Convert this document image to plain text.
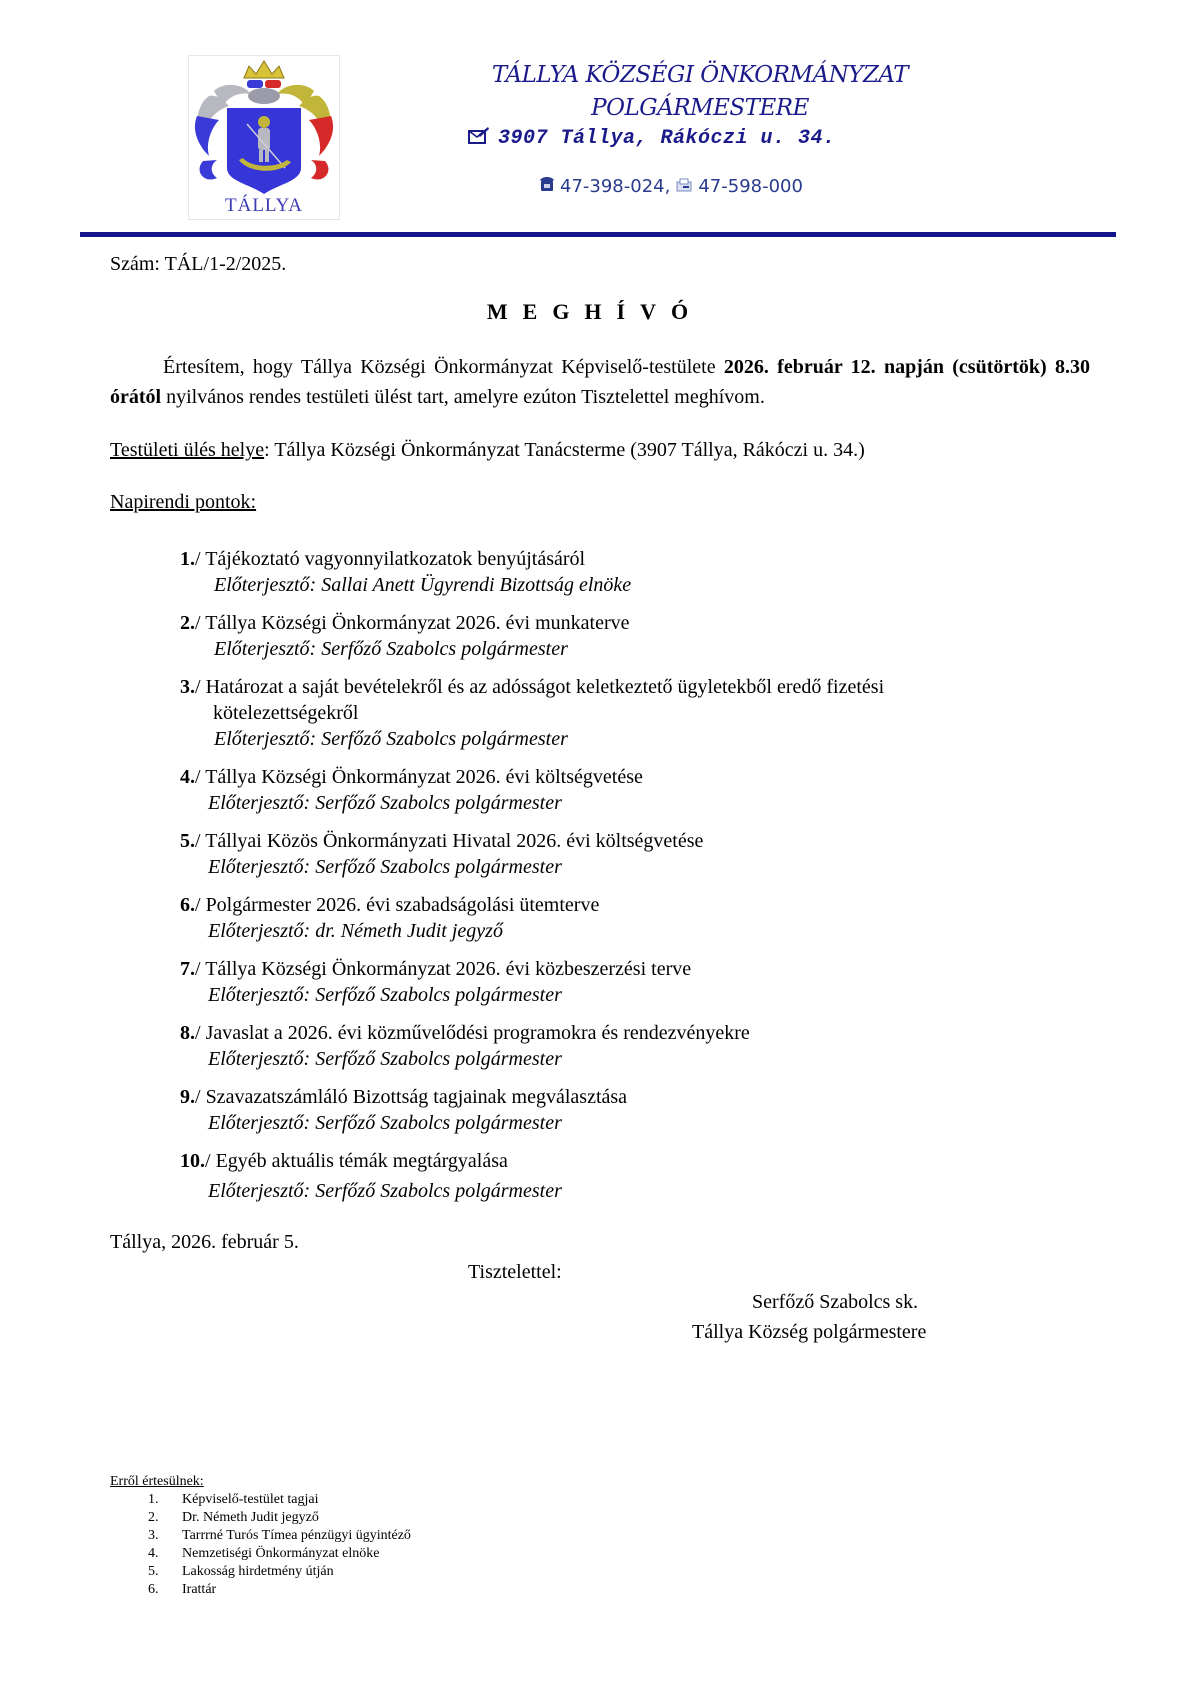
TÁLLYA
TÁLLYA KÖZSÉGI ÖNKORMÁNYZAT
POLGÁRMESTERE
3907 Tállya, Rákóczi u. 34.
47-398-024, 47-598-000
Szám: TÁL/1-2/2025.
MEGHÍVÓ
Értesítem, hogy Tállya Községi Önkormányzat Képviselő-testülete 2026. február 12. napján (csütörtök) 8.30 órától nyilvános rendes testületi ülést tart, amelyre ezúton Tisztelettel meghívom.
Testületi ülés helye: Tállya Községi Önkormányzat Tanácsterme (3907 Tállya, Rákóczi u. 34.)
Napirendi pontok:
1./ Tájékoztató vagyonnyilatkozatok benyújtásáról
Előterjesztő: Sallai Anett Ügyrendi Bizottság elnöke
2./ Tállya Községi Önkormányzat 2026. évi munkaterve
Előterjesztő: Serfőző Szabolcs polgármester
3./ Határozat a saját bevételekről és az adósságot keletkeztető ügyletekből eredő fizetési
kötelezettségekről
Előterjesztő: Serfőző Szabolcs polgármester
4./ Tállya Községi Önkormányzat 2026. évi költségvetése
Előterjesztő: Serfőző Szabolcs polgármester
5./ Tállyai Közös Önkormányzati Hivatal 2026. évi költségvetése
Előterjesztő: Serfőző Szabolcs polgármester
6./ Polgármester 2026. évi szabadságolási ütemterve
Előterjesztő: dr. Németh Judit jegyző
7./ Tállya Községi Önkormányzat 2026. évi közbeszerzési terve
Előterjesztő: Serfőző Szabolcs polgármester
8./ Javaslat a 2026. évi közművelődési programokra és rendezvényekre
Előterjesztő: Serfőző Szabolcs polgármester
9./ Szavazatszámláló Bizottság tagjainak megválasztása
Előterjesztő: Serfőző Szabolcs polgármester
10./ Egyéb aktuális témák megtárgyalása
Előterjesztő: Serfőző Szabolcs polgármester
Tállya, 2026. február 5.
Tisztelettel:
Serfőző Szabolcs sk.
Tállya Község polgármestere
Erről értesülnek:
1.	Képviselő-testület tagjai
2.	Dr. Németh Judit jegyző
3.	Tarrrné Turós Tímea pénzügyi ügyintéző
4.	Nemzetiségi Önkormányzat elnöke
5.	Lakosság hirdetmény útján
6.	Irattár
